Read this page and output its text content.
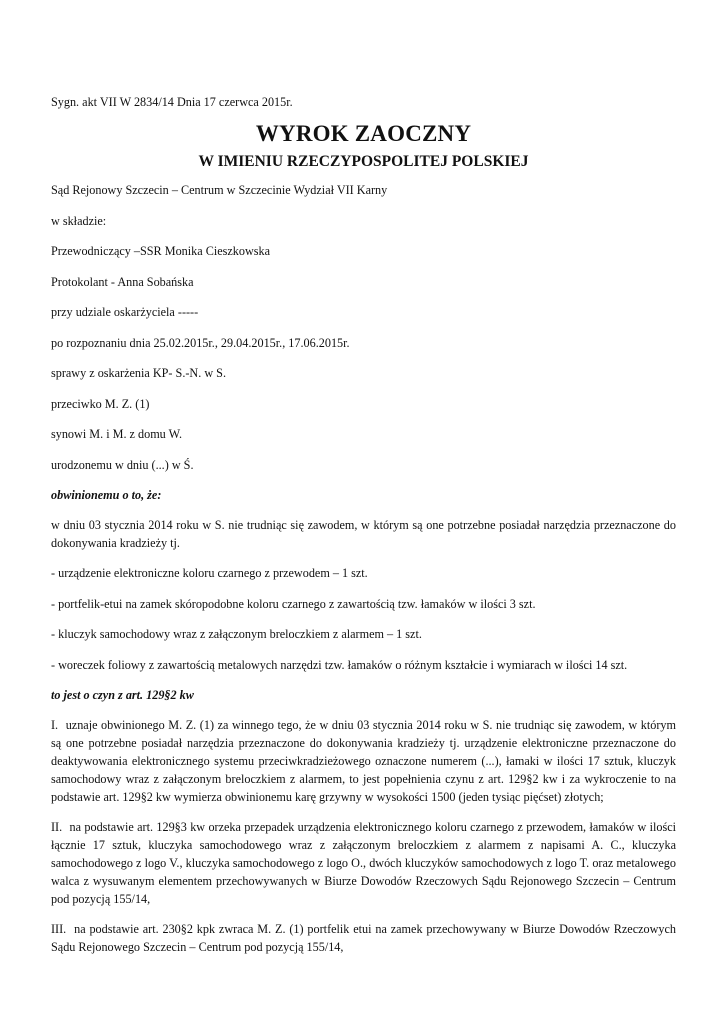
Sygn. akt VII W 2834/14 Dnia 17 czerwca 2015r.

WYROK ZAOCZNY
W IMIENIU RZECZYPOSPOLITEJ POLSKIEJ

Sąd Rejonowy Szczecin – Centrum w Szczecinie Wydział VII Karny

w składzie:

Przewodniczący –SSR Monika Cieszkowska

Protokolant - Anna Sobańska

przy udziale oskarżyciela -----

po rozpoznaniu dnia 25.02.2015r., 29.04.2015r., 17.06.2015r.

sprawy z oskarżenia KP- S.-N. w S.

przeciwko M. Z. (1)

synowi M. i M. z domu W.

urodzonemu w dniu (...) w Ś.

obwinionemu o to, że:

w dniu 03 stycznia 2014 roku w S. nie trudniąc się zawodem, w którym są one potrzebne posiadał narzędzia przeznaczone do dokonywania kradzieży tj.

- urządzenie elektroniczne koloru czarnego z przewodem – 1 szt.

- portfelik-etui na zamek skóropodobne koloru czarnego z zawartością tzw. łamaków w ilości 3 szt.

- kluczyk samochodowy wraz z załączonym breloczkiem z alarmem – 1 szt.

- woreczek foliowy z zawartością metalowych narzędzi tzw. łamaków o różnym kształcie i wymiarach w ilości 14 szt.

to jest o czyn z art. 129§2 kw

I. uznaje obwinionego M. Z. (1) za winnego tego, że w dniu 03 stycznia 2014 roku w S. nie trudniąc się zawodem, w którym są one potrzebne posiadał narzędzia przeznaczone do dokonywania kradzieży tj. urządzenie elektroniczne przeznaczone do deaktywowania elektronicznego systemu przeciwkradzieżowego oznaczone numerem (...), łamaki w ilości 17 sztuk, kluczyk samochodowy wraz z załączonym breloczkiem z alarmem, to jest popełnienia czynu z art. 129§2 kw i za wykroczenie to na podstawie art. 129§2 kw wymierza obwinionemu karę grzywny w wysokości 1500 (jeden tysiąc pięćset) złotych;

II. na podstawie art. 129§3 kw orzeka przepadek urządzenia elektronicznego koloru czarnego z przewodem, łamaków w ilości łącznie 17 sztuk, kluczyka samochodowego wraz z załączonym breloczkiem z alarmem z napisami A. C., kluczyka samochodowego z logo V., kluczyka samochodowego z logo O., dwóch kluczyków samochodowych z logo T. oraz metalowego walca z wysuwanym elementem przechowywanych w Biurze Dowodów Rzeczowych Sądu Rejonowego Szczecin – Centrum pod pozycją 155/14,

III. na podstawie art. 230§2 kpk zwraca M. Z. (1) portfelik etui na zamek przechowywany w Biurze Dowodów Rzeczowych Sądu Rejonowego Szczecin – Centrum pod pozycją 155/14,
